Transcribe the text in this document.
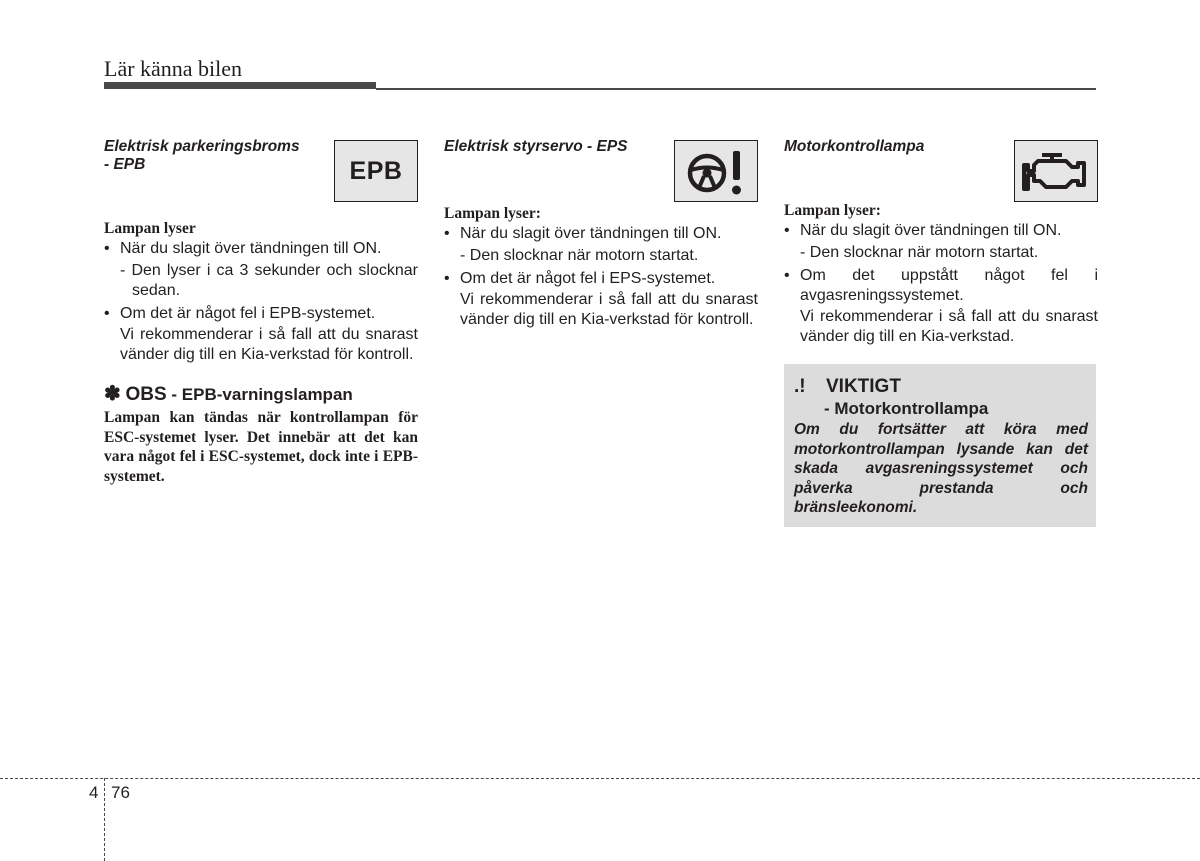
Lär känna bilen
Elektrisk parkeringsbroms
- EPB
Lampan lyser
• När du slagit över tändningen till ON.
- Den lyser i ca 3 sekunder och slocknar sedan.
• Om det är något fel i EPB-systemet.
Vi rekommenderar i så fall att du snarast vänder dig till en Kia-verkstad för kontroll.
✽ OBS - EPB-varningslampan
Lampan kan tändas när kontrollampan för ESC-systemet lyser. Det innebär att det kan vara något fel i ESC-systemet, dock inte i EPB-systemet.
EPB
Elektrisk styrservo - EPS
Lampan lyser:
• När du slagit över tändningen till ON.
- Den slocknar när motorn startat.
• Om det är något fel i EPS-systemet.
Vi rekommenderar i så fall att du snarast vänder dig till en Kia-verkstad för kontroll.
Motorkontrollampa
Lampan lyser:
• När du slagit över tändningen till ON.
- Den slocknar när motorn startat.
• Om det uppstått något fel i avgasreningssystemet.
Vi rekommenderar i så fall att du snarast vänder dig till en Kia-verkstad.
.!	VIKTIGT
- Motorkontrollampa
Om du fortsätter att köra med motorkontrollampan lysande kan det skada avgasreningssystemet och påverka prestanda och bränsleekonomi.
4 76
